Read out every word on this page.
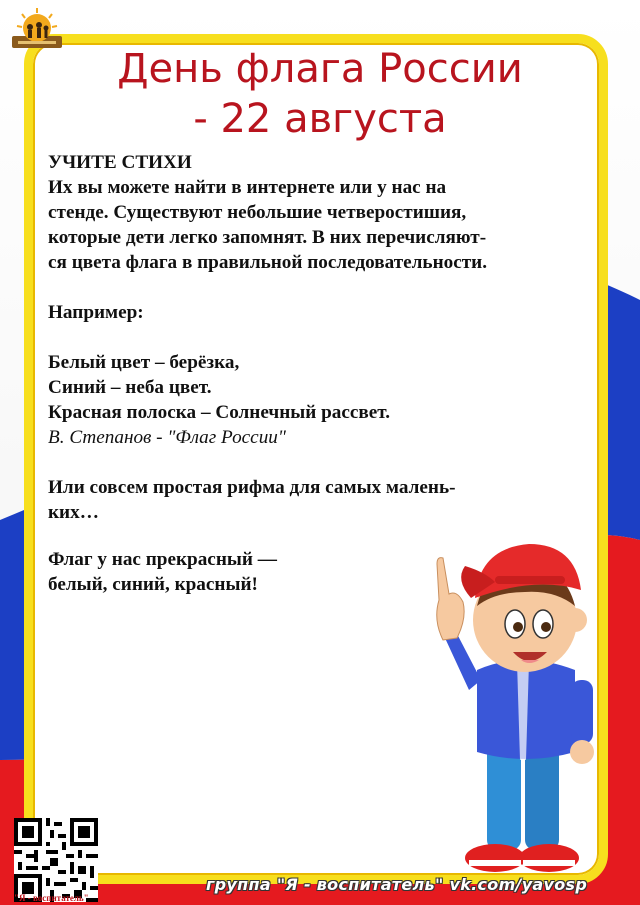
День флага России
- 22 августа

УЧИТЕ СТИХИ

Их вы можете найти в интернете или у нас на

стенде. Существуют небольшие четверостишия,

которые дети легко запомнят. В них перечисляют-

ся цвета флага в правильной последовательности.

Например:

Белый цвет – берёзка,

Синий – неба цвет.

Красная полоска – Солнечный рассвет.

В. Степанов - "Флаг России"

Или совсем простая рифма для самых малень-

ких…

Флаг у нас прекрасный —

белый, синий, красный!

группа "Я - воспитатель" vk.com/yavosp
"Я - воспитатель"
